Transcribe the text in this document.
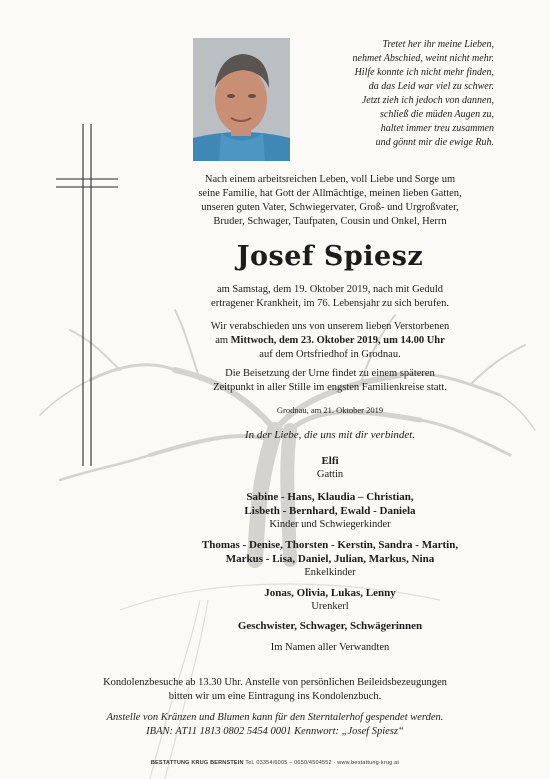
Tretet her ihr meine Lieben,
nehmet Abschied, weint nicht mehr.
Hilfe konnte ich nicht mehr finden,
da das Leid war viel zu schwer.
Jetzt zieh ich jedoch von dannen,
schließ die müden Augen zu,
haltet immer treu zusammen
und gönnt mir die ewige Ruh.
Nach einem arbeitsreichen Leben, voll Liebe und Sorge um
seine Familie, hat Gott der Allmächtige, meinen lieben Gatten,
unseren guten Vater, Schwiegervater, Groß- und Urgroßvater,
Bruder, Schwager, Taufpaten, Cousin und Onkel, Herrn
Josef Spiesz
am Samstag, dem 19. Oktober 2019, nach mit Geduld
ertragener Krankheit, im 76. Lebensjahr zu sich berufen.
Wir verabschieden uns von unserem lieben Verstorbenen
am Mittwoch, dem 23. Oktober 2019, um 14.00 Uhr
auf dem Ortsfriedhof in Grodnau.
Die Beisetzung der Urne findet zu einem späteren
Zeitpunkt in aller Stille im engsten Familienkreise statt.
Grodnau, am 21. Oktober 2019
In der Liebe, die uns mit dir verbindet.
Elfi
Gattin
Sabine - Hans, Klaudia – Christian,
Lisbeth - Bernhard, Ewald - Daniela
Kinder und Schwiegerkinder
Thomas - Denise, Thorsten - Kerstin, Sandra - Martin,
Markus - Lisa, Daniel, Julian, Markus, Nina
Enkelkinder
Jonas, Olivia, Lukas, Lenny
Urenkerl
Geschwister, Schwager, Schwägerinnen
Im Namen aller Verwandten
Kondolenzbesuche ab 13.30 Uhr. Anstelle von persönlichen Beileidsbezeugungen
bitten wir um eine Eintragung ins Kondolenzbuch.
Anstelle von Kränzen und Blumen kann für den Sterntalerhof gespendet werden.
IBAN: AT11 1813 0802 5454 0001 Kennwort: „Josef Spiesz“
BESTATTUNG KRUG BERNSTEIN Tel. 03354/6005 – 0650/4504552 · www.bestattung-krug.at
